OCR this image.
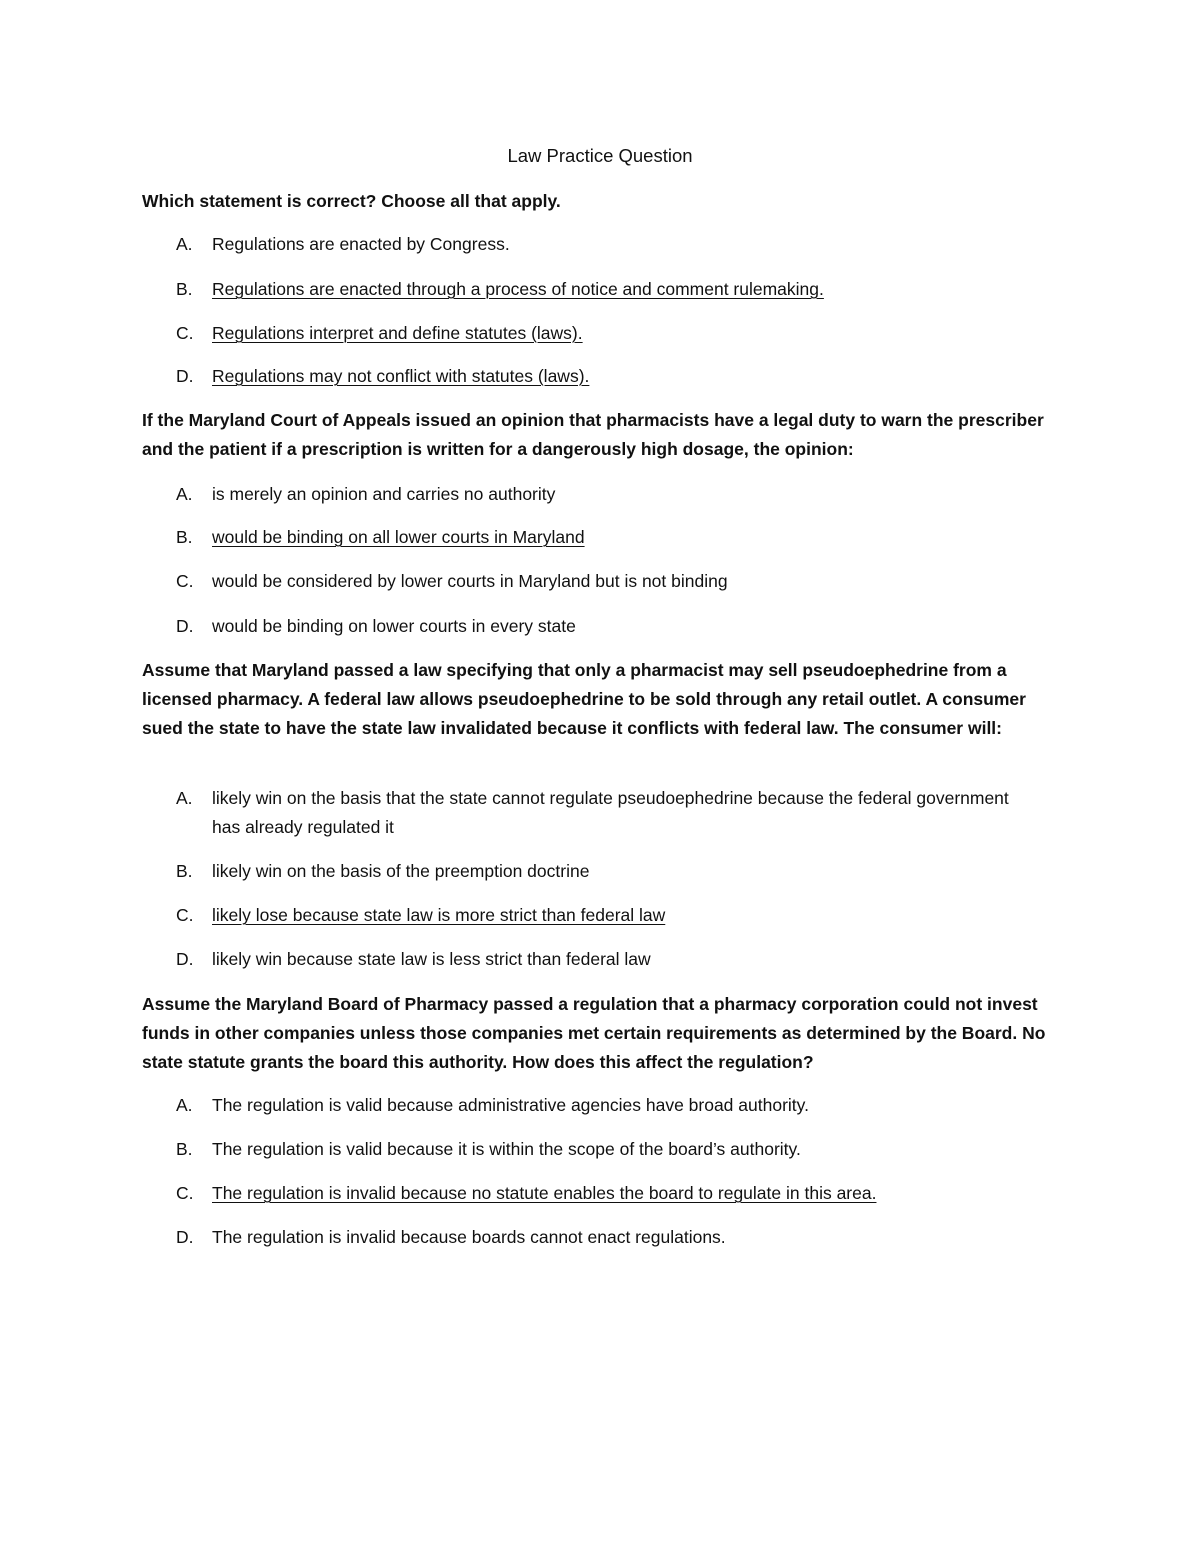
Law Practice Question
Which statement is correct? Choose all that apply.
A. Regulations are enacted by Congress.
B. Regulations are enacted through a process of notice and comment rulemaking.
C. Regulations interpret and define statutes (laws).
D. Regulations may not conflict with statutes (laws).
If the Maryland Court of Appeals issued an opinion that pharmacists have a legal duty to warn the prescriber and the patient if a prescription is written for a dangerously high dosage, the opinion:
A. is merely an opinion and carries no authority
B. would be binding on all lower courts in Maryland
C. would be considered by lower courts in Maryland but is not binding
D. would be binding on lower courts in every state
Assume that Maryland passed a law specifying that only a pharmacist may sell pseudoephedrine from a licensed pharmacy. A federal law allows pseudoephedrine to be sold through any retail outlet. A consumer sued the state to have the state law invalidated because it conflicts with federal law. The consumer will:
A. likely win on the basis that the state cannot regulate pseudoephedrine because the federal government has already regulated it
B. likely win on the basis of the preemption doctrine
C. likely lose because state law is more strict than federal law
D. likely win because state law is less strict than federal law
Assume the Maryland Board of Pharmacy passed a regulation that a pharmacy corporation could not invest funds in other companies unless those companies met certain requirements as determined by the Board. No state statute grants the board this authority. How does this affect the regulation?
A. The regulation is valid because administrative agencies have broad authority.
B. The regulation is valid because it is within the scope of the board’s authority.
C. The regulation is invalid because no statute enables the board to regulate in this area.
D. The regulation is invalid because boards cannot enact regulations.
